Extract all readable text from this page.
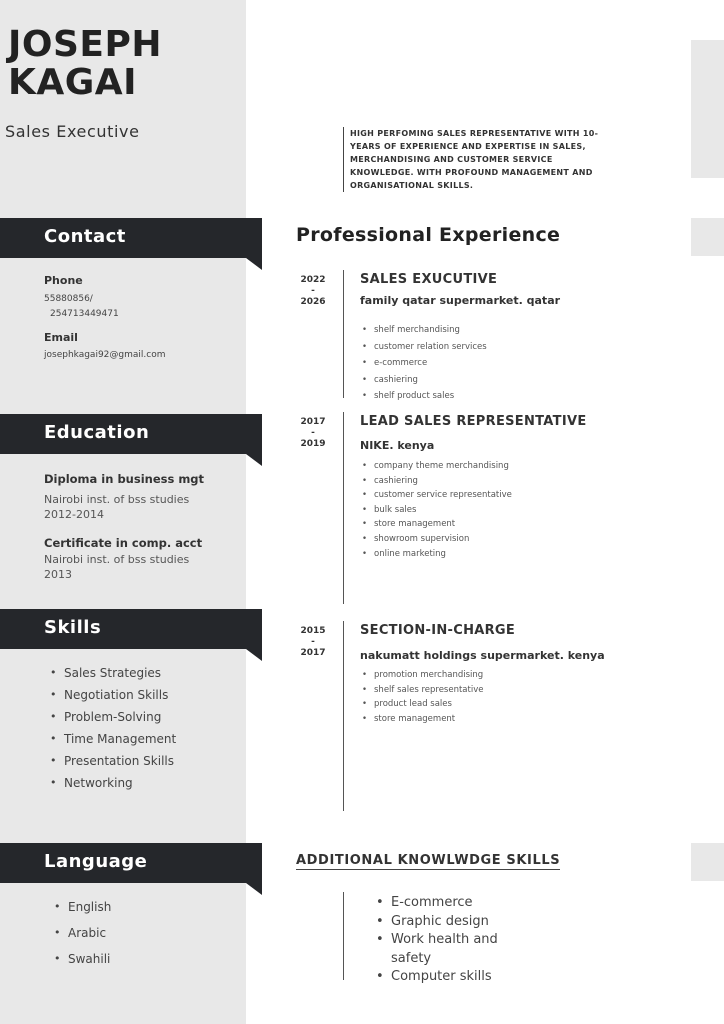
JOSEPH
KAGAI
Sales Executive	HIGH PERFOMING SALES REPRESENTATIVE WITH 10-YEARS OF EXPERIENCE AND EXPERTISE IN SALES, MERCHANDISING AND CUSTOMER SERVICE KNOWLEDGE. WITH PROFOUND MANAGEMENT AND ORGANISATIONAL SKILLS.
Contact
Phone
55880856/
254713449471
Email
josephkagai92@gmail.com
Education
Diploma in business mgt
Nairobi inst. of bss studies
2012-2014
Certificate in comp. acct
Nairobi inst. of bss studies
2013
Skills
• Sales Strategies
• Negotiation Skills
• Problem-Solving
• Time Management
• Presentation Skills
• Networking
Language
• English
• Arabic
• Swahili
Professional Experience
2022
-
2026
SALES EXUCUTIVE
family qatar supermarket. qatar
• shelf merchandising
• customer relation services
• e-commerce
• cashiering
• shelf product sales
2017
-
2019
LEAD SALES REPRESENTATIVE
NIKE. kenya
• company theme merchandising
• cashiering
• customer service representative
• bulk sales
• store management
• showroom supervision
• online marketing
2015
-
2017
SECTION-IN-CHARGE
nakumatt holdings supermarket. kenya
• promotion merchandising
• shelf sales representative
• product lead sales
• store management
ADDITIONAL KNOWLWDGE SKILLS
• E-commerce
• Graphic design
• Work health and safety
• Computer skills
